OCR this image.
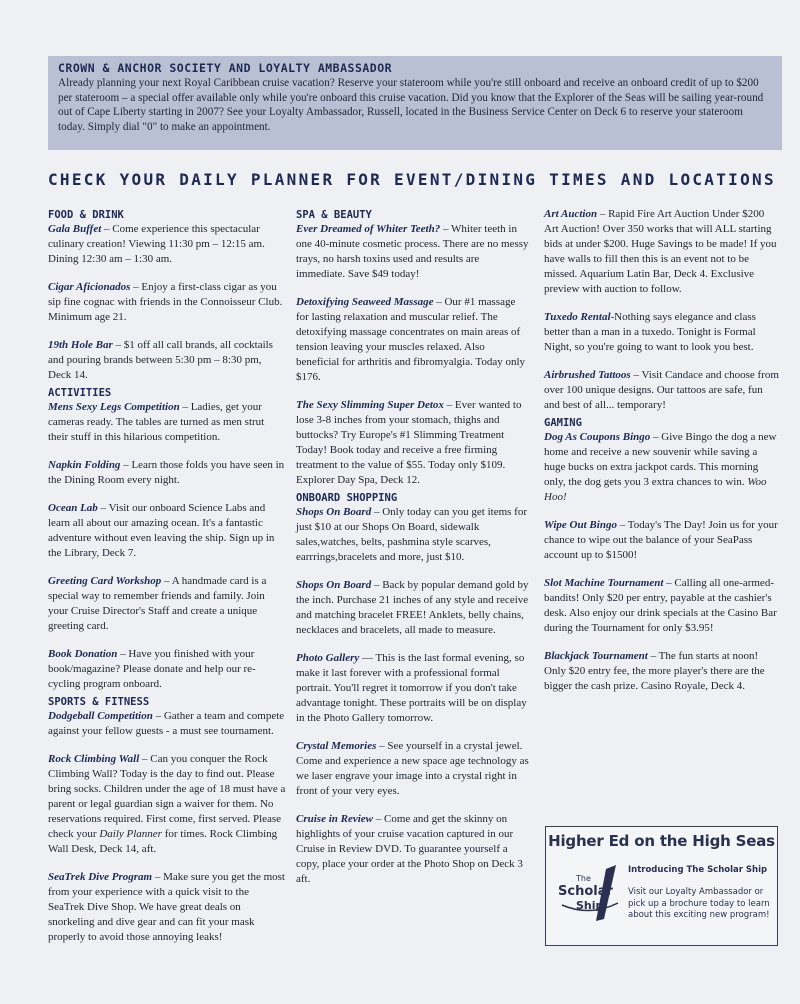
CROWN & ANCHOR SOCIETY AND LOYALTY AMBASSADOR
Already planning your next Royal Caribbean cruise vacation? Reserve your stateroom while you're still onboard and receive an onboard credit of up to $200 per stateroom – a special offer available only while you're onboard this cruise vacation. Did you know that the Explorer of the Seas will be sailing year-round out of Cape Liberty starting in 2007? See your Loyalty Ambassador, Russell, located in the Business Service Center on Deck 6 to reserve your stateroom today. Simply dial "0" to make an appointment.
CHECK YOUR DAILY PLANNER FOR EVENT/DINING TIMES AND LOCATIONS
FOOD & DRINK

Gala Buffet – Come experience this spectacular culinary creation! Viewing 11:30 pm – 12:15 am. Dining 12:30 am – 1:30 am.

Cigar Aficionados – Enjoy a first-class cigar as you sip fine cognac with friends in the Connoisseur Club. Minimum age 21.

19th Hole Bar – $1 off all call brands, all cocktails and pouring brands between 5:30 pm – 8:30 pm, Deck 14.

ACTIVITIES

Mens Sexy Legs Competition – Ladies, get your cameras ready. The tables are turned as men strut their stuff in this hilarious competition.

Napkin Folding – Learn those folds you have seen in the Dining Room every night.

Ocean Lab – Visit our onboard Science Labs and learn all about our amazing ocean. It's a fantastic adventure without even leaving the ship. Sign up in the Library, Deck 7.

Greeting Card Workshop – A handmade card is a special way to remember friends and family. Join your Cruise Director's Staff and create a unique greeting card.

Book Donation – Have you finished with your book/magazine? Please donate and help our re-cycling program onboard.

SPORTS & FITNESS

Dodgeball Competition – Gather a team and compete against your fellow guests - a must see tournament.

Rock Climbing Wall – Can you conquer the Rock Climbing Wall? Today is the day to find out. Please bring socks. Children under the age of 18 must have a parent or legal guardian sign a waiver for them. No reservations required. First come, first served. Please check your Daily Planner for times. Rock Climbing Wall Desk, Deck 14, aft.

SeaTrek Dive Program – Make sure you get the most from your experience with a quick visit to the SeaTrek Dive Shop. We have great deals on snorkeling and dive gear and can fit your mask properly to avoid those annoying leaks!

SPA & BEAUTY

Ever Dreamed of Whiter Teeth? – Whiter teeth in one 40-minute cosmetic process. There are no messy trays, no harsh toxins used and results are immediate. Save $49 today!

Detoxifying Seaweed Massage – Our #1 massage for lasting relaxation and muscular relief. The detoxifying massage concentrates on main areas of tension leaving your muscles relaxed. Also beneficial for arthritis and fibromyalgia. Today only $176.

The Sexy Slimming Super Detox – Ever wanted to lose 3-8 inches from your stomach, thighs and buttocks? Try Europe's #1 Slimming Treatment Today! Book today and receive a free firming treatment to the value of $55. Today only $109. Explorer Day Spa, Deck 12.

ONBOARD SHOPPING

Shops On Board – Only today can you get items for just $10 at our Shops On Board, sidewalk sales,watches, belts, pashmina style scarves, earrrings,bracelets and more, just $10.

Shops On Board – Back by popular demand gold by the inch. Purchase 21 inches of any style and receive and matching bracelet FREE! Anklets, belly chains, necklaces and bracelets, all made to measure.

Photo Gallery — This is the last formal evening, so make it last forever with a professional formal portrait. You'll regret it tomorrow if you don't take advantage tonight. These portraits will be on display in the Photo Gallery tomorrow.

Crystal Memories – See yourself in a crystal jewel. Come and experience a new space age technology as we laser engrave your image into a crystal right in front of your very eyes.

Cruise in Review – Come and get the skinny on highlights of your cruise vacation captured in our Cruise in Review DVD. To guarantee yourself a copy, place your order at the Photo Shop on Deck 3 aft.

Art Auction – Rapid Fire Art Auction Under $200 Art Auction! Over 350 works that will ALL starting bids at under $200. Huge Savings to be made! If you have walls to fill then this is an event not to be missed. Aquarium Latin Bar, Deck 4. Exclusive preview with auction to follow.

Tuxedo Rental-Nothing says elegance and class better than a man in a tuxedo. Tonight is Formal Night, so you're going to want to look you best.

Airbrushed Tattoos – Visit Candace and choose from over 100 unique designs. Our tattoos are safe, fun and best of all... temporary!

GAMING

Dog As Coupons Bingo – Give Bingo the dog a new home and receive a new souvenir while saving a huge bucks on extra jackpot cards. This morning only, the dog gets you 3 extra chances to win. Woo Hoo!

Wipe Out Bingo – Today's The Day! Join us for your chance to wipe out the balance of your SeaPass account up to $1500!

Slot Machine Tournament – Calling all one-armed-bandits! Only $20 per entry, payable at the cashier's desk. Also enjoy our drink specials at the Casino Bar during the Tournament for only $3.95!

Blackjack Tournament – The fun starts at noon! Only $20 entry fee, the more player's there are the bigger the cash prize. Casino Royale, Deck 4.

Higher Ed on the High Seas
The
Scholar
Ship
Introducing The Scholar Ship
Visit our Loyalty Ambassador or pick up a brochure today to learn about this exciting new program!
